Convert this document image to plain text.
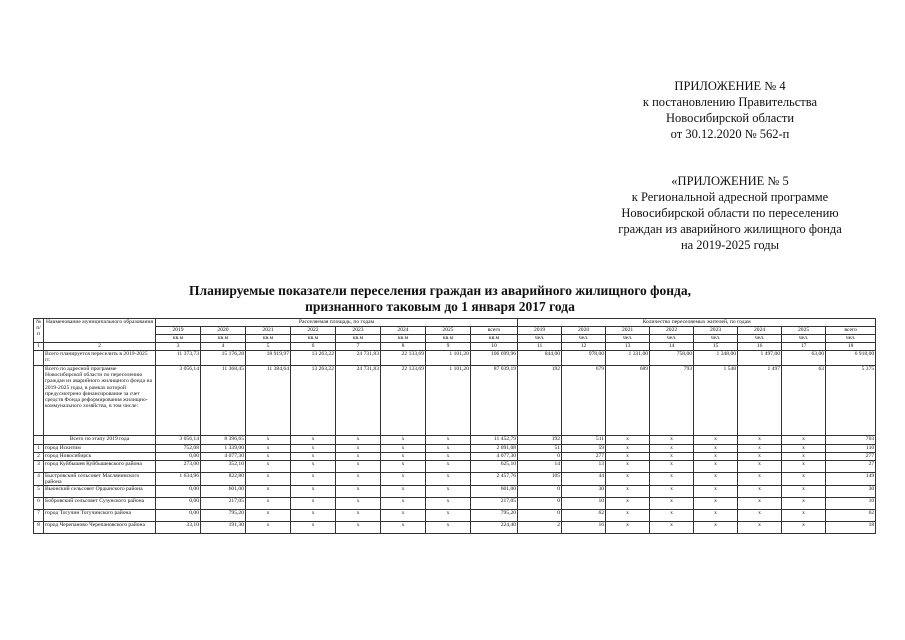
ПРИЛОЖЕНИЕ № 4
к постановлению Правительства
Новосибирской области
от 30.12.2020 № 562-п
«ПРИЛОЖЕНИЕ № 5
к Региональной адресной программе
Новосибирской области по переселению
граждан из аварийного жилищного фонда
на 2019-2025 годы
Планируемые показатели переселения граждан из аварийного жилищного фонда,
признанного таковым до 1 января 2017 года
№ п/п	Наименование муниципального образования	Расселяемая площадь, по годам								Количество переселяемых жителей, по годам							
		2019	2020	2021	2022	2023	2024	2025	всего	2019	2020	2021	2022	2023	2024	2025	всего
		кв.м	кв.м	кв.м	кв.м	кв.м	кв.м	кв.м	кв.м	чел.	чел.	чел.	чел.	чел.	чел.	чел.	чел.
1	2	3	4	5	6	7	8	9	10	11	12	13	14	15	16	17	18
	Всего планируется переселить в 2019-2025 гг.	11 373,73	15 176,28	18 919,97	13 263,22	24 731,83	22 133,69	1 101,20	106 699,96	844,00	978,00	1 331,00	758,00	1 348,00	1 497,00	63,00	6 918,00
	Всего по адресной программе Новосибирской области по переселению граждан из аварийного жилищного фонда на 2019-2025 годы, в рамках которой предусмотрено финансирование за счет средств Фонда реформирования жилищно-коммунального хозяйства, в том числе:	3 056,14	11 368,45	11 384,64	13 263,22	24 731,83	22 133,69	1 101,20	87 039,19	192	679	689	793	1 548	1 497	63	5 375
	Всего по этапу 2019 года	3 056,14	8 396,65	x	x	x	x	x	11 452,79	192	511	x	x	x	x	x	703
1	город Искитим	752,08	1 339,00	x	x	x	x	x	2 091,08	51	59	x	x	x	x	x	110
2	город Новосибирск	0,00	4 077,30	x	x	x	x	x	4 077,30	0	277	x	x	x	x	x	277
3	город Куйбышев Куйбышевского района	273,00	352,10	x	x	x	x	x	625,10	14	13	x	x	x	x	x	27
4	Быстровский сельсовет Маслянинского района	1 634,96	822,80	x	x	x	x	x	2 457,76	105	44	x	x	x	x	x	149
5	Вьюнский сельсовет Ордынского района	0,00	601,00	x	x	x	x	x	601,00	0	30	x	x	x	x	x	30
6	Бобровский сельсовет Сузунского района	0,00	217,05	x	x	x	x	x	217,05	0	10	x	x	x	x	x	10
7	город Тогучин Тогучинского района	0,00	795,20	x	x	x	x	x	795,20	0	62	x	x	x	x	x	62
8	город Черепаново Черепановского района	33,10	191,30	x	x	x	x	x	224,40	2	16	x	x	x	x	x	18
